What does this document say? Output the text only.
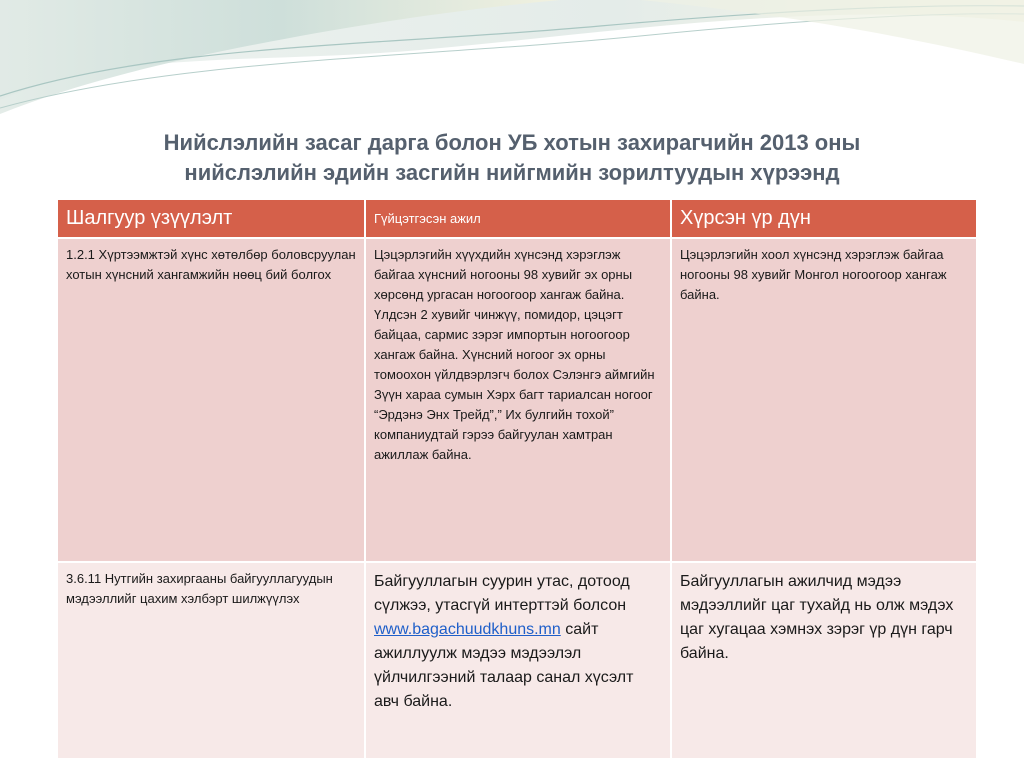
Нийслэлийн засаг дарга болон УБ хотын захирагчийн 2013 оны
нийслэлийн эдийн засгийн нийгмийн зорилтуудын хүрээнд
Шалгуур үзүүлэлт	Гүйцэтгэсэн ажил	Хүрсэн үр дүн
1.2.1 Хүртээмжтэй хүнс хөтөлбөр боловсруулан хотын хүнсний хангамжийн нөөц бий болгох	Цэцэрлэгийн хүүхдийн хүнсэнд хэрэглэж байгаа хүнсний ногооны 98 хувийг эх орны хөрсөнд ургасан ногоогоор хангаж байна. Үлдсэн 2 хувийг чинжүү, помидор, цэцэгт байцаа, сармис зэрэг импортын ногоогоор хангаж байна. Хүнсний ногоог эх орны томоохон үйлдвэрлэгч болох Сэлэнгэ аймгийн Зүүн хараа сумын Хэрх багт тариалсан ногоог “Эрдэнэ Энх Трейд”,” Их булгийн тохой” компаниудтай гэрээ байгуулан хамтран ажиллаж байна.	Цэцэрлэгийн хоол хүнсэнд хэрэглэж байгаа ногооны 98 хувийг Монгол ногоогоор хангаж байна.
3.6.11 Нутгийн захиргааны байгууллагуудын мэдээллийг цахим хэлбэрт шилжүүлэх	Байгууллагын суурин утас, дотоод сүлжээ, утасгүй интерттэй болсон www.bagachuudkhuns.mn сайт ажиллуулж мэдээ мэдээлэл үйлчилгээний талаар санал хүсэлт авч байна.	Байгууллагын ажилчид мэдээ мэдээллийг цаг тухайд нь олж мэдэх цаг хугацаа хэмнэх зэрэг үр дүн гарч байна.
